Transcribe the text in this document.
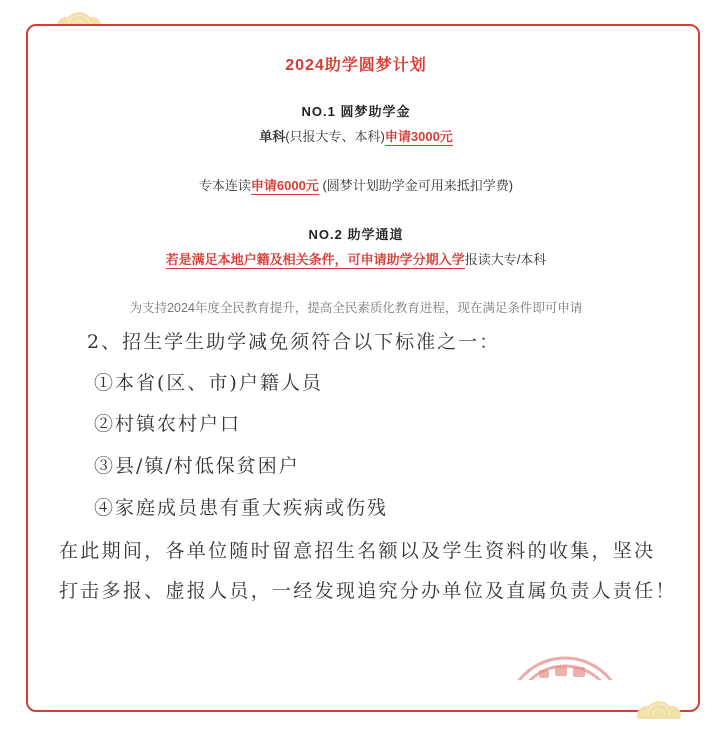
2024助学圆梦计划
NO.1 圆梦助学金
单科(只报大专、本科)申请3000元
专本连读申请6000元 (圆梦计划助学金可用来抵扣学费)
NO.2 助学通道
若是满足本地户籍及相关条件，可申请助学分期入学报读大专/本科
为支持2024年度全民教育提升，提高全民素质化教育进程，现在满足条件即可申请
2、招生学生助学减免须符合以下标准之一：
①本省(区、市)户籍人员
②村镇农村户口
③县/镇/村低保贫困户
④家庭成员患有重大疾病或伤残
在此期间，各单位随时留意招生名额以及学生资料的收集，坚决
打击多报、虚报人员，一经发现追究分办单位及直属负责人责任！
